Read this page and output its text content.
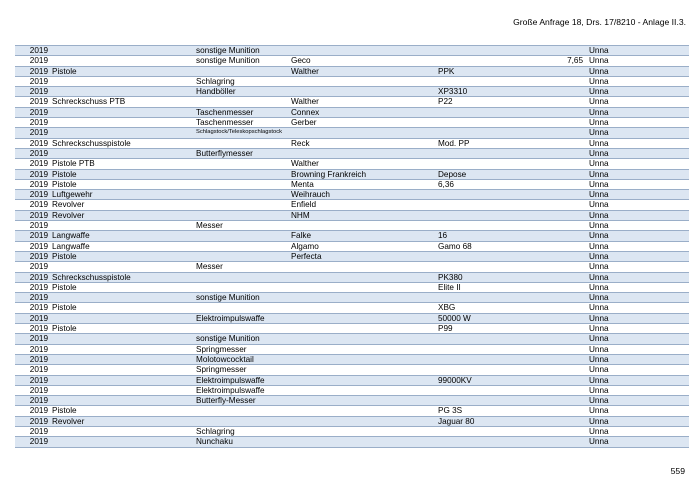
Große Anfrage 18, Drs. 17/8210 - Anlage II.3.
2019		sonstige Munition				Unna
2019		sonstige Munition	Geco		7,65	Unna
2019	Pistole		Walther	PPK		Unna
2019		Schlagring				Unna
2019		Handböller		XP3310		Unna
2019	Schreckschuss PTB		Walther	P22		Unna
2019		Taschenmesser	Connex			Unna
2019		Taschenmesser	Gerber			Unna
2019		Schlagstock/Teleskopschlagstock				Unna
2019	Schreckschusspistole		Reck	Mod. PP		Unna
2019		Butterflymesser				Unna
2019	Pistole PTB		Walther			Unna
2019	Pistole		Browning Frankreich	Depose		Unna
2019	Pistole		Menta	6,36		Unna
2019	Luftgewehr		Weihrauch			Unna
2019	Revolver		Enfield			Unna
2019	Revolver		NHM			Unna
2019		Messer				Unna
2019	Langwaffe		Falke	16		Unna
2019	Langwaffe		Algamo	Gamo 68		Unna
2019	Pistole		Perfecta			Unna
2019		Messer				Unna
2019	Schreckschusspistole			PK380		Unna
2019	Pistole			Elite II		Unna
2019		sonstige Munition				Unna
2019	Pistole			XBG		Unna
2019		Elektroimpulswaffe		50000 W		Unna
2019	Pistole			P99		Unna
2019		sonstige Munition				Unna
2019		Springmesser				Unna
2019		Molotowcocktail				Unna
2019		Springmesser				Unna
2019		Elektroimpulswaffe		99000KV		Unna
2019		Elektroimpulswaffe				Unna
2019		Butterfly-Messer				Unna
2019	Pistole			PG 3S		Unna
2019	Revolver			Jaguar 80		Unna
2019		Schlagring				Unna
2019		Nunchaku				Unna
559
